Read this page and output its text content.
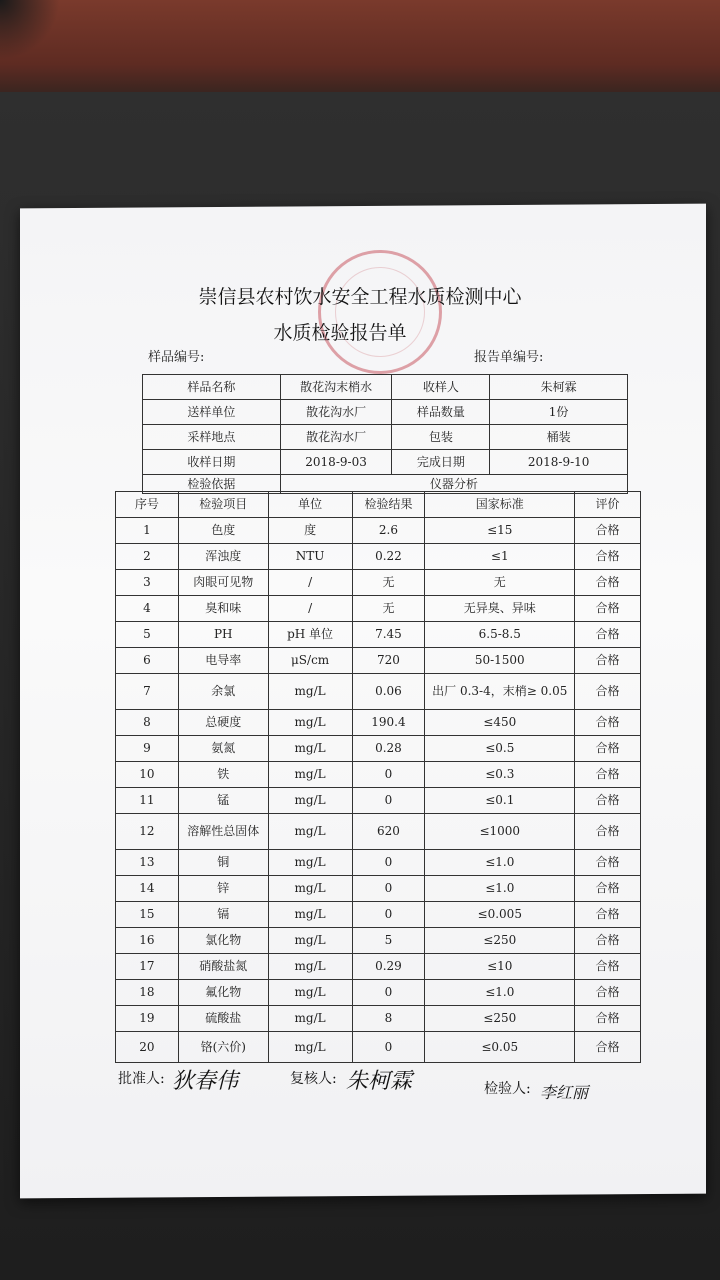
崇信县农村饮水安全工程水质检测中心
水质检验报告单
样品编号:	报告单编号:
样品名称	散花沟末梢水	收样人	朱柯霖
送样单位	散花沟水厂	样品数量	1份
采样地点	散花沟水厂	包装	桶装
收样日期	2018-9-03	完成日期	2018-9-10
检验依据	仪器分析		
序号	检验项目	单位	检验结果	国家标准	评价
1	色度	度	2.6	≤15	合格
2	浑浊度	NTU	0.22	≤1	合格
3	肉眼可见物	/	无	无	合格
4	臭和味	/	无	无异臭、异味	合格
5	PH	pH 单位	7.45	6.5-8.5	合格
6	电导率	μS/cm	720	50-1500	合格
7	余氯	mg/L	0.06	出厂 0.3-4，末梢≥ 0.05	合格
8	总硬度	mg/L	190.4	≤450	合格
9	氨氮	mg/L	0.28	≤0.5	合格
10	铁	mg/L	0	≤0.3	合格
11	锰	mg/L	0	≤0.1	合格
12	溶解性总固体	mg/L	620	≤1000	合格
13	铜	mg/L	0	≤1.0	合格
14	锌	mg/L	0	≤1.0	合格
15	镉	mg/L	0	≤0.005	合格
16	氯化物	mg/L	5	≤250	合格
17	硝酸盐氮	mg/L	0.29	≤10	合格
18	氟化物	mg/L	0	≤1.0	合格
19	硫酸盐	mg/L	8	≤250	合格
20	铬(六价)	mg/L	0	≤0.05	合格
批准人: 狄春伟	复核人: 朱柯霖	检验人: 李红丽
